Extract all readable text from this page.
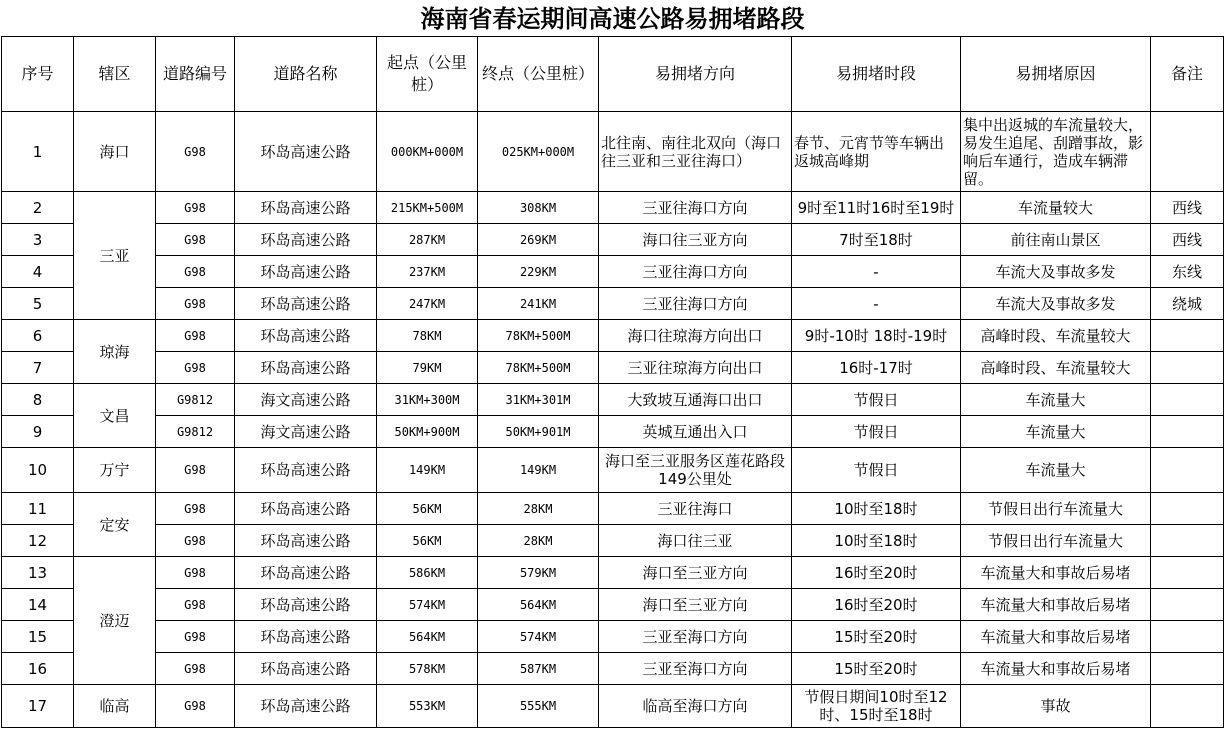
海南省春运期间高速公路易拥堵路段
序号	辖区	道路编号	道路名称	起点（公里桩）	终点（公里桩）	易拥堵方向	易拥堵时段	易拥堵原因	备注
1	海口	G98	环岛高速公路	000KM+000M	025KM+000M	北往南、南往北双向（海口往三亚和三亚往海口）	春节、元宵节等车辆出返城高峰期	集中出返城的车流量较大，易发生追尾、刮蹭事故，影响后车通行，造成车辆滞留。	
2	三亚	G98	环岛高速公路	215KM+500M	308KM	三亚往海口方向	9时至11时16时至19时	车流量较大	西线
3		G98	环岛高速公路	287KM	269KM	海口往三亚方向	7时至18时	前往南山景区	西线
4		G98	环岛高速公路	237KM	229KM	三亚往海口方向	-	车流大及事故多发	东线
5		G98	环岛高速公路	247KM	241KM	三亚往海口方向	-	车流大及事故多发	绕城
6	琼海	G98	环岛高速公路	78KM	78KM+500M	海口往琼海方向出口	9时-10时 18时-19时	高峰时段、车流量较大	
7		G98	环岛高速公路	79KM	78KM+500M	三亚往琼海方向出口	16时-17时	高峰时段、车流量较大	
8	文昌	G9812	海文高速公路	31KM+300M	31KM+301M	大致坡互通海口出口	节假日	车流量大	
9		G9812	海文高速公路	50KM+900M	50KM+901M	英城互通出入口	节假日	车流量大	
10	万宁	G98	环岛高速公路	149KM	149KM	海口至三亚服务区莲花路段149公里处	节假日	车流量大	
11	定安	G98	环岛高速公路	56KM	28KM	三亚往海口	10时至18时	节假日出行车流量大	
12		G98	环岛高速公路	56KM	28KM	海口往三亚	10时至18时	节假日出行车流量大	
13	澄迈	G98	环岛高速公路	586KM	579KM	海口至三亚方向	16时至20时	车流量大和事故后易堵	
14		G98	环岛高速公路	574KM	564KM	海口至三亚方向	16时至20时	车流量大和事故后易堵	
15		G98	环岛高速公路	564KM	574KM	三亚至海口方向	15时至20时	车流量大和事故后易堵	
16		G98	环岛高速公路	578KM	587KM	三亚至海口方向	15时至20时	车流量大和事故后易堵	
17	临高	G98	环岛高速公路	553KM	555KM	临高至海口方向	节假日期间10时至12时、15时至18时	事故	
